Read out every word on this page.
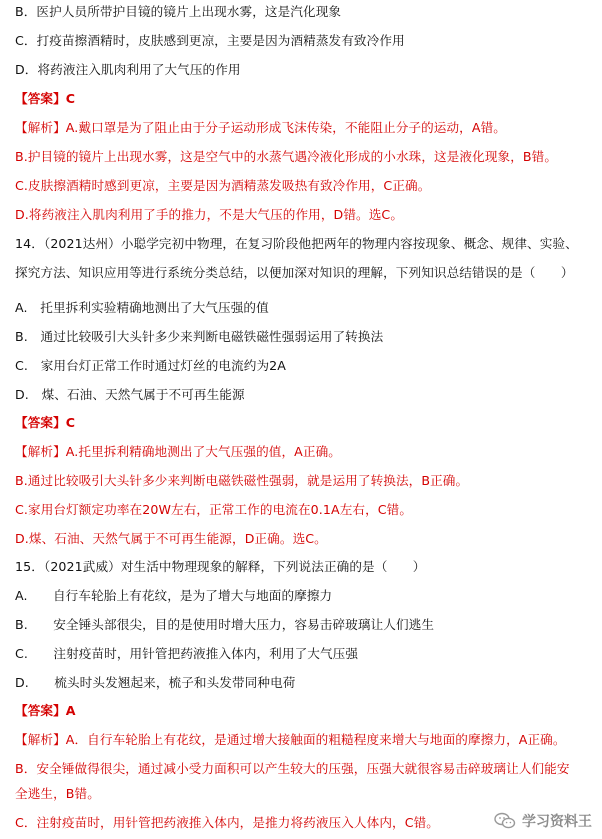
B．医护人员所带护目镜的镜片上出现水雾，这是汽化现象
C．打疫苗擦酒精时，皮肤感到更凉，主要是因为酒精蒸发有致冷作用
D．将药液注入肌肉利用了大气压的作用
【答案】C
【解析】A.戴口罩是为了阻止由于分子运动形成飞沫传染，不能阻止分子的运动，A错。
B.护目镜的镜片上出现水雾，这是空气中的水蒸气遇冷液化形成的小水珠，这是液化现象，B错。
C.皮肤擦酒精时感到更凉，主要是因为酒精蒸发吸热有致冷作用，C正确。
D.将药液注入肌肉利用了手的推力，不是大气压的作用，D错。选C。
14．（2021达州）小聪学完初中物理，在复习阶段他把两年的物理内容按现象、概念、规律、实验、
探究方法、知识应用等进行系统分类总结，以便加深对知识的理解，下列知识总结错误的是（　　）
A.　托里拆利实验精确地测出了大气压强的值
B.　通过比较吸引大头针多少来判断电磁铁磁性强弱运用了转换法
C.　家用台灯正常工作时通过灯丝的电流约为2A
D.　煤、石油、天然气属于不可再生能源
【答案】C
【解析】A.托里拆利精确地测出了大气压强的值，A正确。
B.通过比较吸引大头针多少来判断电磁铁磁性强弱，就是运用了转换法，B正确。
C.家用台灯额定功率在20W左右，正常工作的电流在0.1A左右，C错。
D.煤、石油、天然气属于不可再生能源，D正确。选C。
15．（2021武威）对生活中物理现象的解释，下列说法正确的是（　　）
A.　　自行车轮胎上有花纹，是为了增大与地面的摩擦力
B.　　安全锤头部很尖，目的是使用时增大压力，容易击碎玻璃让人们逃生
C.　　注射疫苗时，用针管把药液推入体内，利用了大气压强
D.　　梳头时头发翘起来，梳子和头发带同种电荷
【答案】A
【解析】A．自行车轮胎上有花纹，是通过增大接触面的粗糙程度来增大与地面的摩擦力，A正确。
B．安全锤做得很尖，通过减小受力面积可以产生较大的压强，压强大就很容易击碎玻璃让人们能安
全逃生，B错。
C．注射疫苗时，用针管把药液推入体内，是推力将药液压入人体内，C错。	学习资料王
